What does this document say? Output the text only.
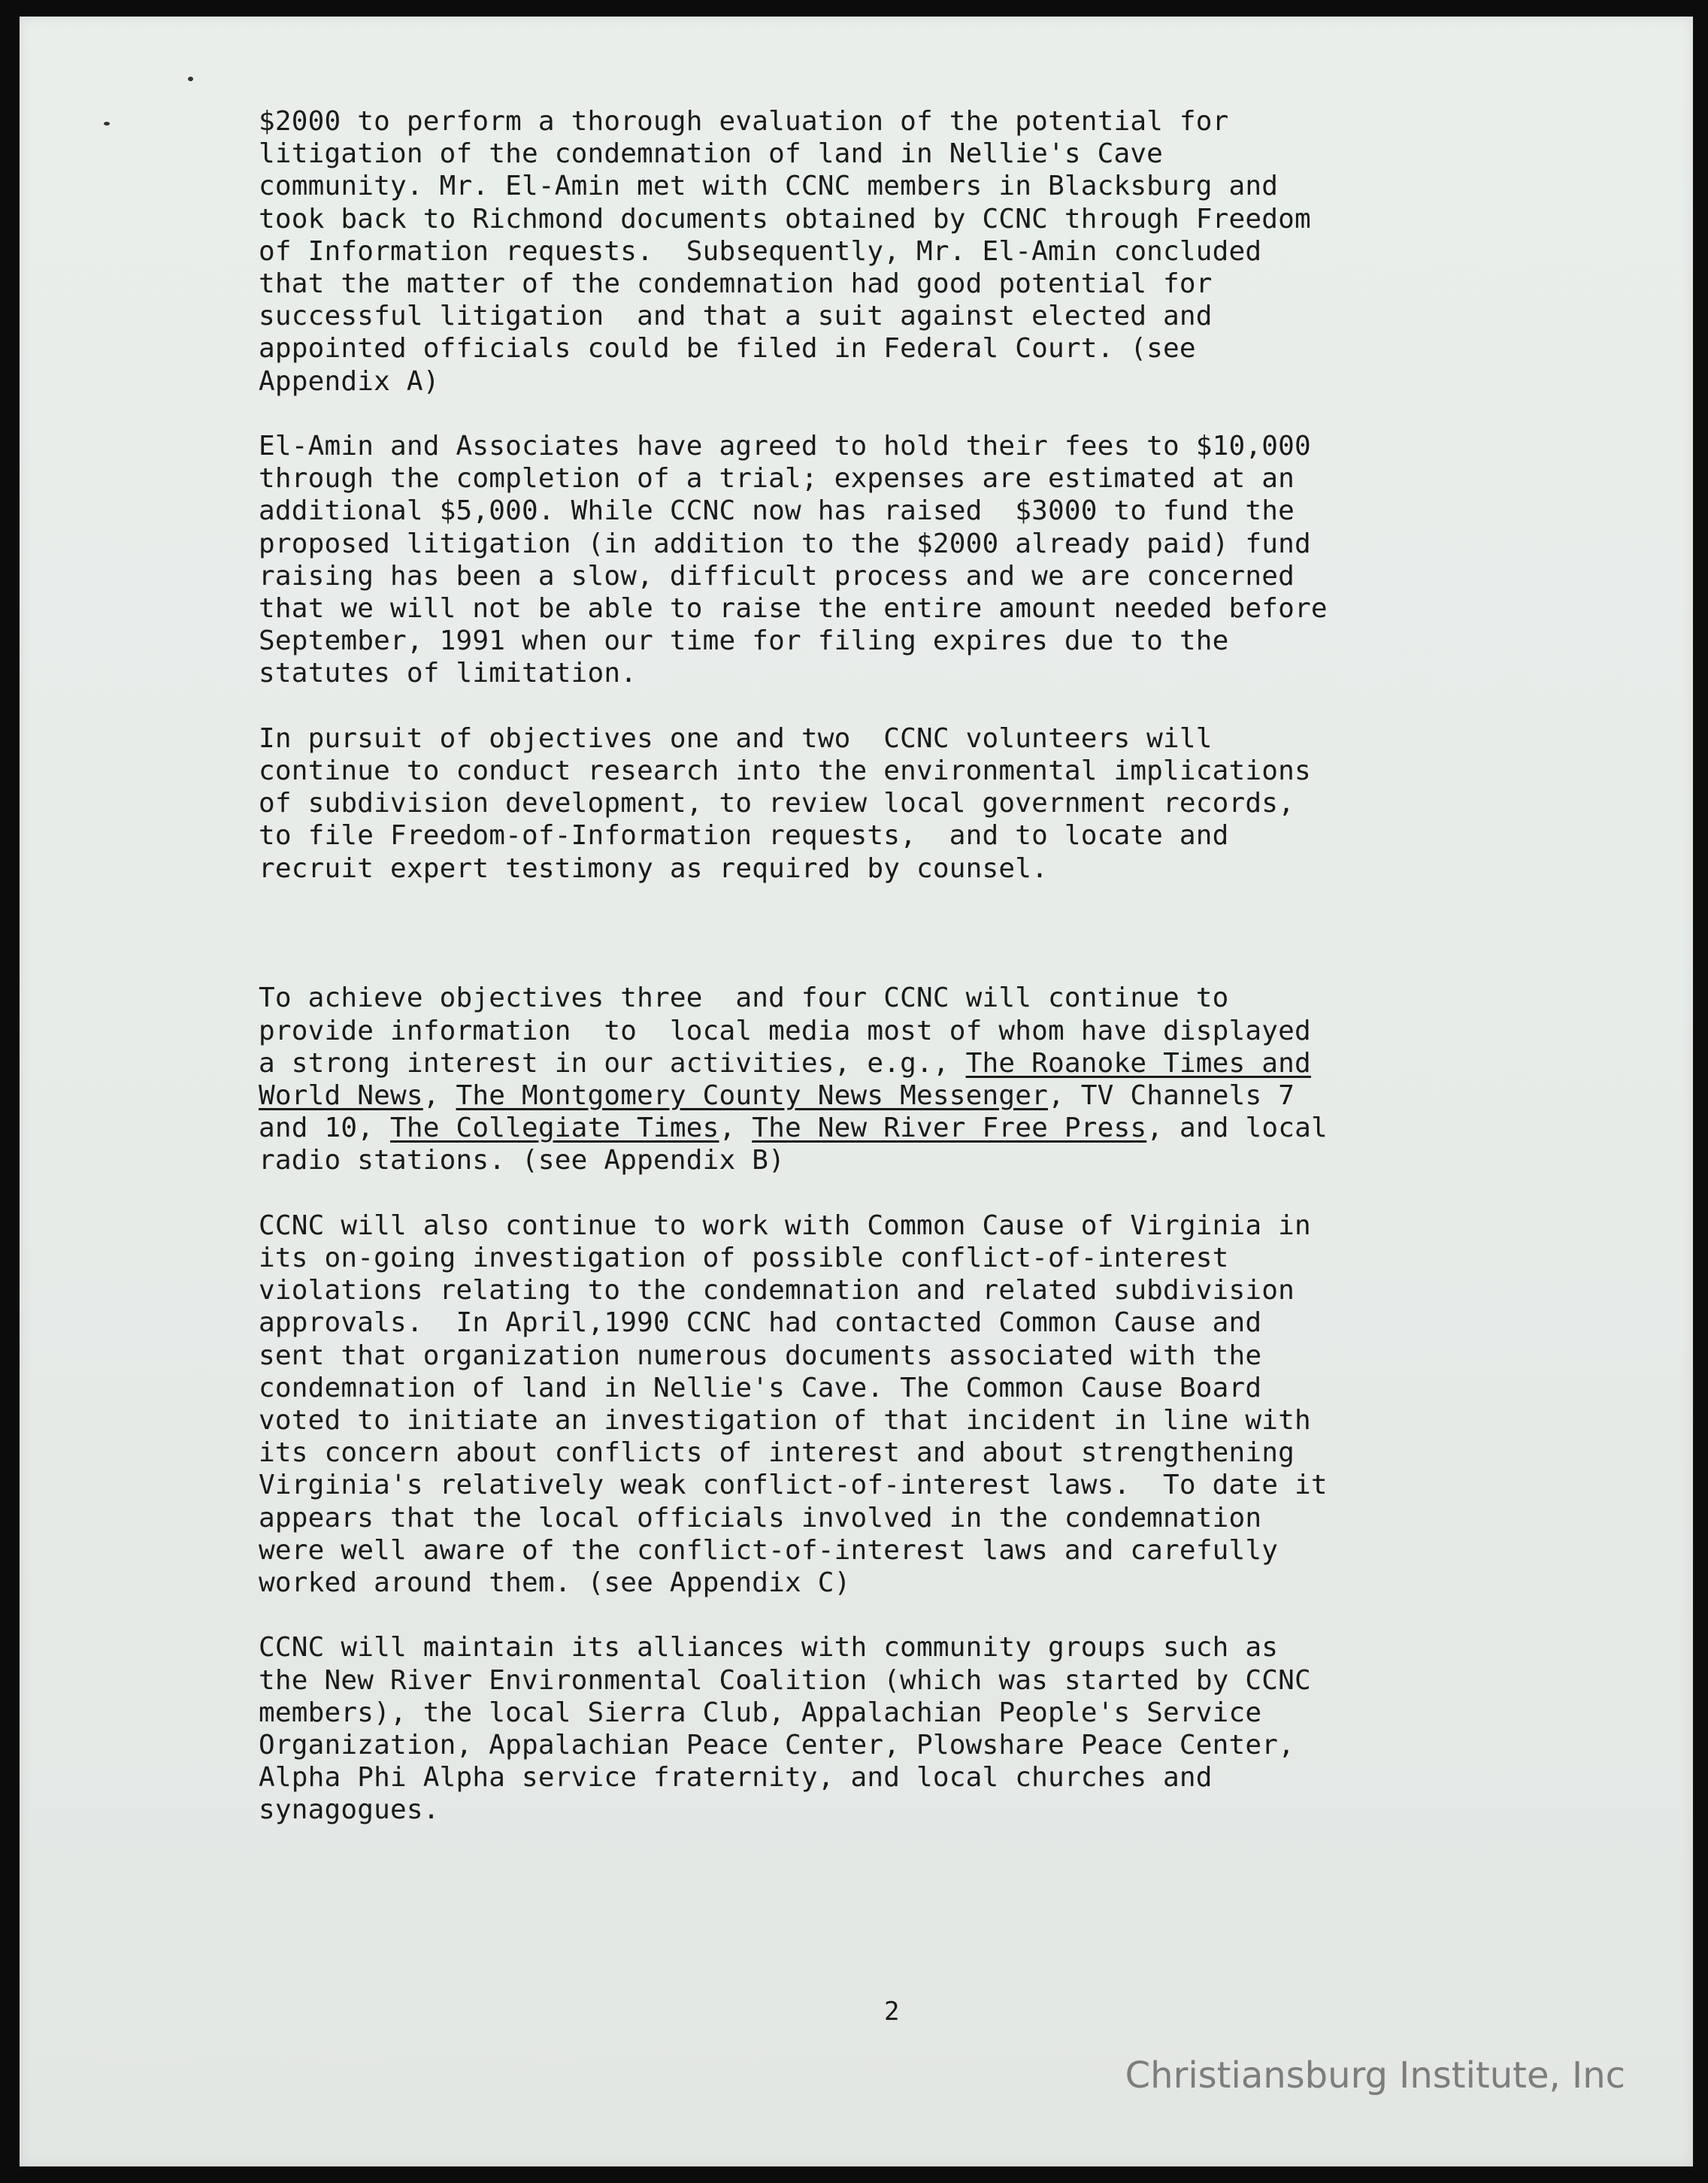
$2000 to perform a thorough evaluation of the potential for
litigation of the condemnation of land in Nellie's Cave
community. Mr. El-Amin met with CCNC members in Blacksburg and
took back to Richmond documents obtained by CCNC through Freedom
of Information requests.  Subsequently, Mr. El-Amin concluded
that the matter of the condemnation had good potential for
successful litigation  and that a suit against elected and
appointed officials could be filed in Federal Court. (see
Appendix A)
El-Amin and Associates have agreed to hold their fees to $10,000
through the completion of a trial; expenses are estimated at an
additional $5,000. While CCNC now has raised  $3000 to fund the
proposed litigation (in addition to the $2000 already paid) fund
raising has been a slow, difficult process and we are concerned
that we will not be able to raise the entire amount needed before
September, 1991 when our time for filing expires due to the
statutes of limitation.
In pursuit of objectives one and two  CCNC volunteers will
continue to conduct research into the environmental implications
of subdivision development, to review local government records,
to file Freedom-of-Information requests,  and to locate and
recruit expert testimony as required by counsel.
To achieve objectives three  and four CCNC will continue to
provide information  to  local media most of whom have displayed
a strong interest in our activities, e.g., The Roanoke Times and
World News, The Montgomery County News Messenger, TV Channels 7
and 10, The Collegiate Times, The New River Free Press, and local
radio stations. (see Appendix B)
CCNC will also continue to work with Common Cause of Virginia in
its on-going investigation of possible conflict-of-interest
violations relating to the condemnation and related subdivision
approvals.  In April,1990 CCNC had contacted Common Cause and
sent that organization numerous documents associated with the
condemnation of land in Nellie's Cave. The Common Cause Board
voted to initiate an investigation of that incident in line with
its concern about conflicts of interest and about strengthening
Virginia's relatively weak conflict-of-interest laws.  To date it
appears that the local officials involved in the condemnation
were well aware of the conflict-of-interest laws and carefully
worked around them. (see Appendix C)
CCNC will maintain its alliances with community groups such as
the New River Environmental Coalition (which was started by CCNC
members), the local Sierra Club, Appalachian People's Service
Organization, Appalachian Peace Center, Plowshare Peace Center,
Alpha Phi Alpha service fraternity, and local churches and
synagogues.
2
Christiansburg Institute, Inc
